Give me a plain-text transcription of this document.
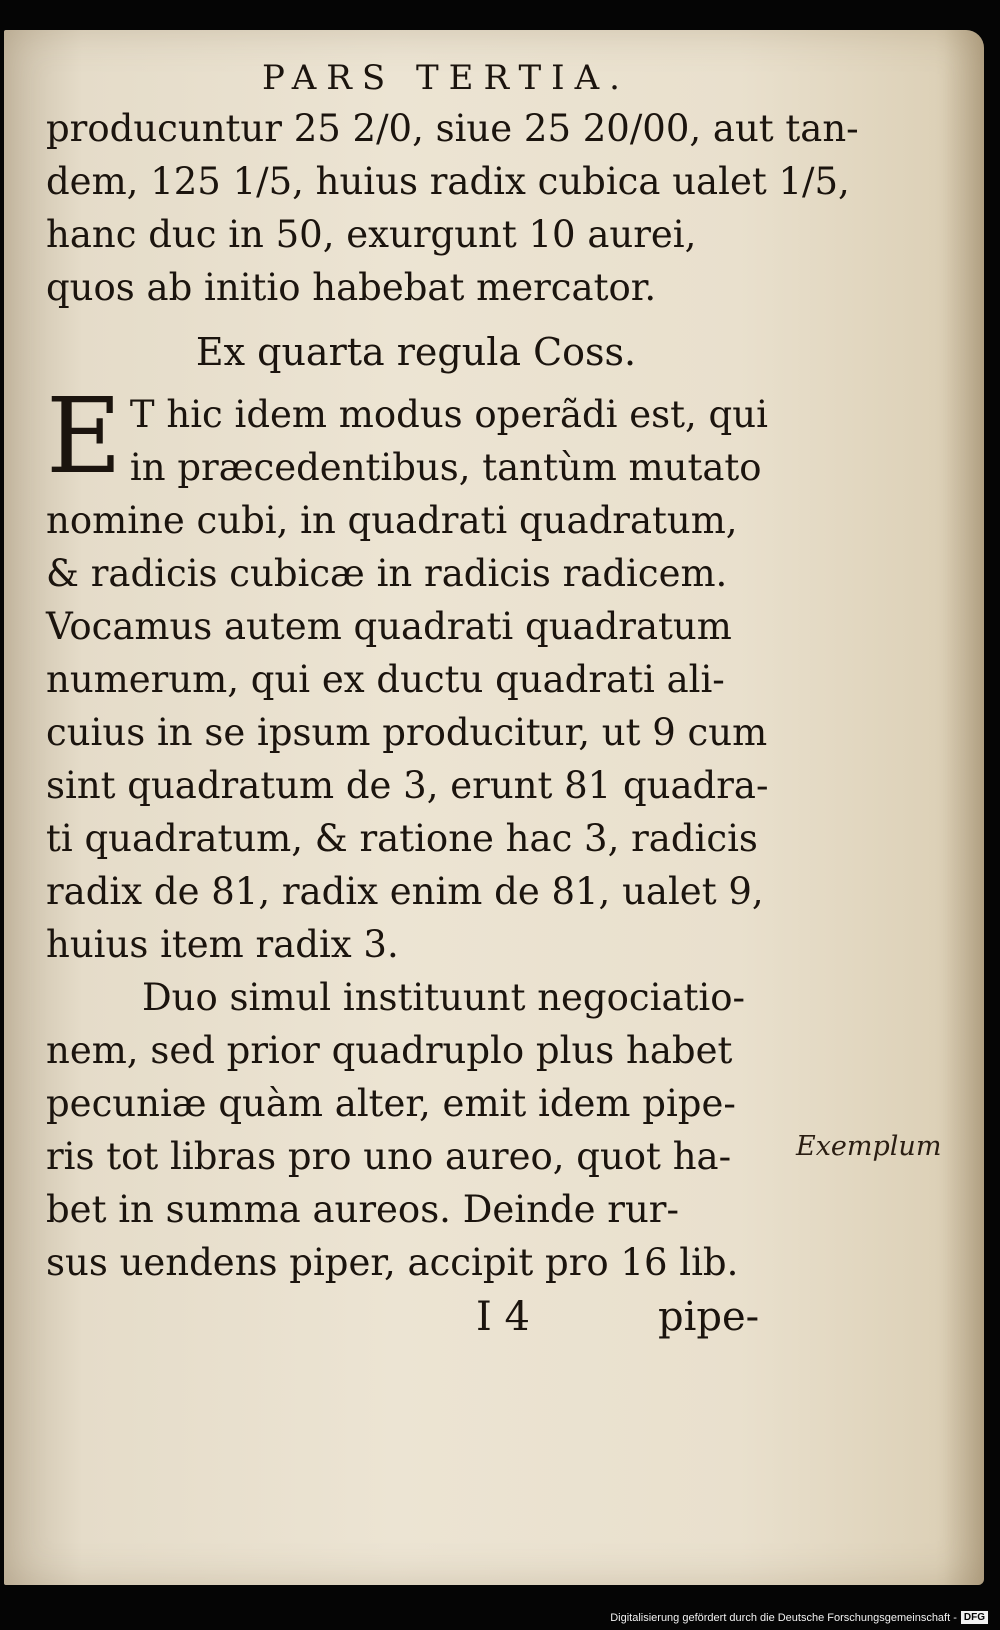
PARS TERTIA.
producuntur 25 2/0, siue 25 20/00, aut tan-
dem, 125 1/5, huius radix cubica ualet 1/5,
hanc duc in 50, exurgunt 10 aurei,
quos ab initio habebat mercator.
Ex quarta regula Coss.
E T hic idem modus operãdi est, qui
in præcedentibus, tantùm mutato
nomine cubi, in quadrati quadratum,
& radicis cubicæ in radicis radicem.
Vocamus autem quadrati quadratum
numerum, qui ex ductu quadrati ali-
cuius in se ipsum producitur, ut 9 cum
sint quadratum de 3, erunt 81 quadra-
ti quadratum, & ratione hac 3, radicis
radix de 81, radix enim de 81, ualet 9,
huius item radix 3.
Duo simul instituunt negociatio-
nem, sed prior quadruplo plus habet
pecuniæ quàm alter, emit idem pipe-
ris tot libras pro uno aureo, quot ha-
bet in summa aureos. Deinde rur-
sus uendens piper, accipit pro 16 lib.
I 4	pipe-
Exemplum
Digitalisierung gefördert durch die Deutsche Forschungsgemeinschaft - DFG
